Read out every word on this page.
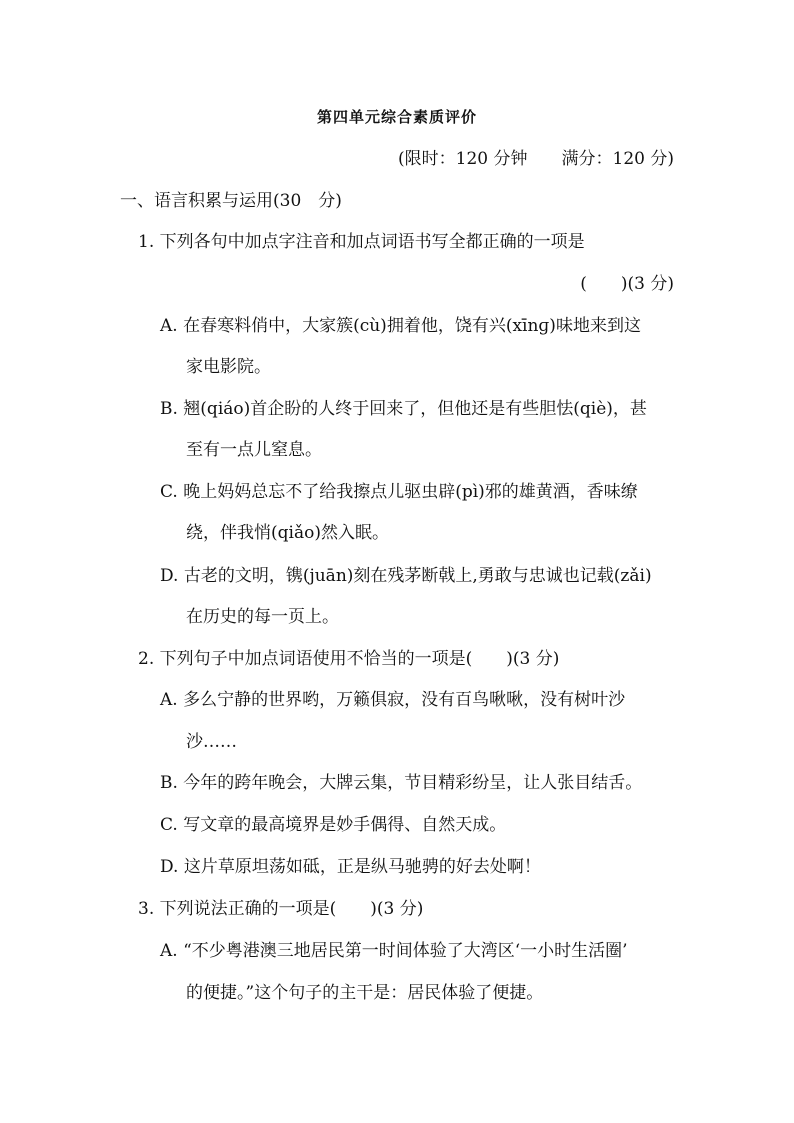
第四单元综合素质评价
(限时：120 分钟　　满分：120 分)
一、语言积累与运用(30　分)
1. 下列各句中加点字注音和加点词语书写全都正确的一项是
(　　)(3 分)
A. 在春寒料俏中，大家簇(cù)拥着他，饶有兴(xīnɡ)味地来到这
家电影院。
B. 翘(qiáo)首企盼的人终于回来了，但他还是有些胆怯(qiè)，甚
至有一点儿窒息。
C. 晚上妈妈总忘不了给我擦点儿驱虫辟(pì)邪的雄黄酒，香味缭
绕，伴我悄(qiǎo)然入眠。
D. 古老的文明，镌(juān)刻在残茅断戟上,勇敢与忠诚也记载(zǎi)
在历史的每一页上。
2. 下列句子中加点词语使用不恰当的一项是(　　)(3 分)
A. 多么宁静的世界哟，万籁俱寂，没有百鸟啾啾，没有树叶沙
沙……
B. 今年的跨年晚会，大牌云集，节目精彩纷呈，让人张目结舌。
C. 写文章的最高境界是妙手偶得、自然天成。
D. 这片草原坦荡如砥，正是纵马驰骋的好去处啊！
3. 下列说法正确的一项是(　　)(3 分)
A. “不少粤港澳三地居民第一时间体验了大湾区‘一小时生活圈’
的便捷。”这个句子的主干是：居民体验了便捷。
